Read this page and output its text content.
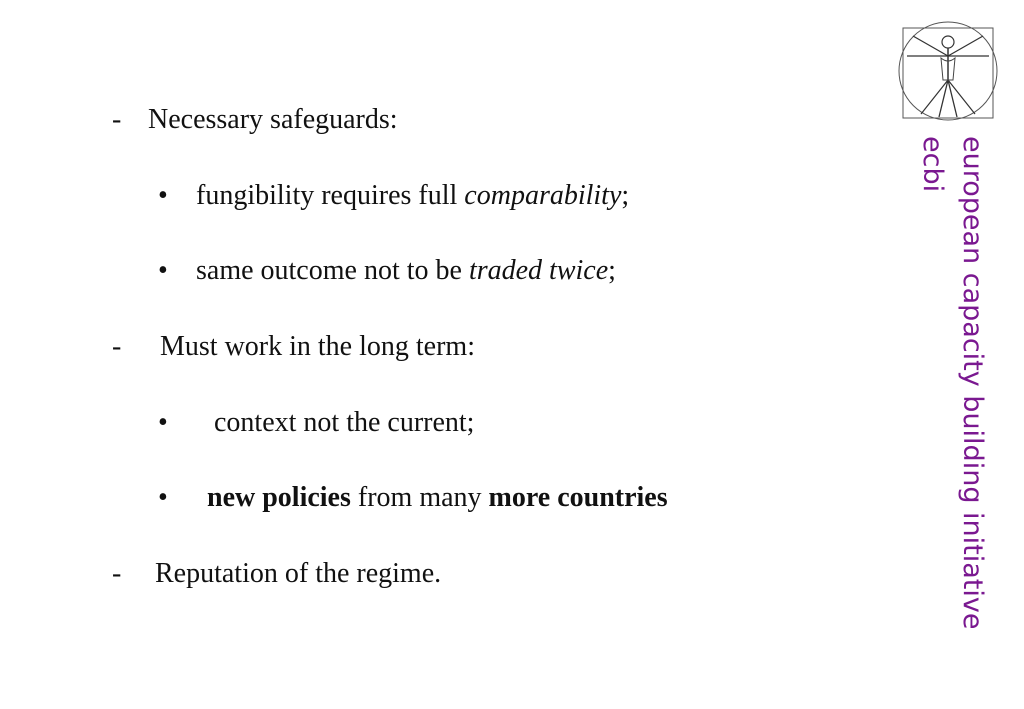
- Necessary safeguards:
• fungibility requires full comparability;
• same outcome not to be traded twice;
- Must work in the long term:
• context not the current;
• new policies from many more countries
- Reputation of the regime.	european capacity building initiative
ecbi
